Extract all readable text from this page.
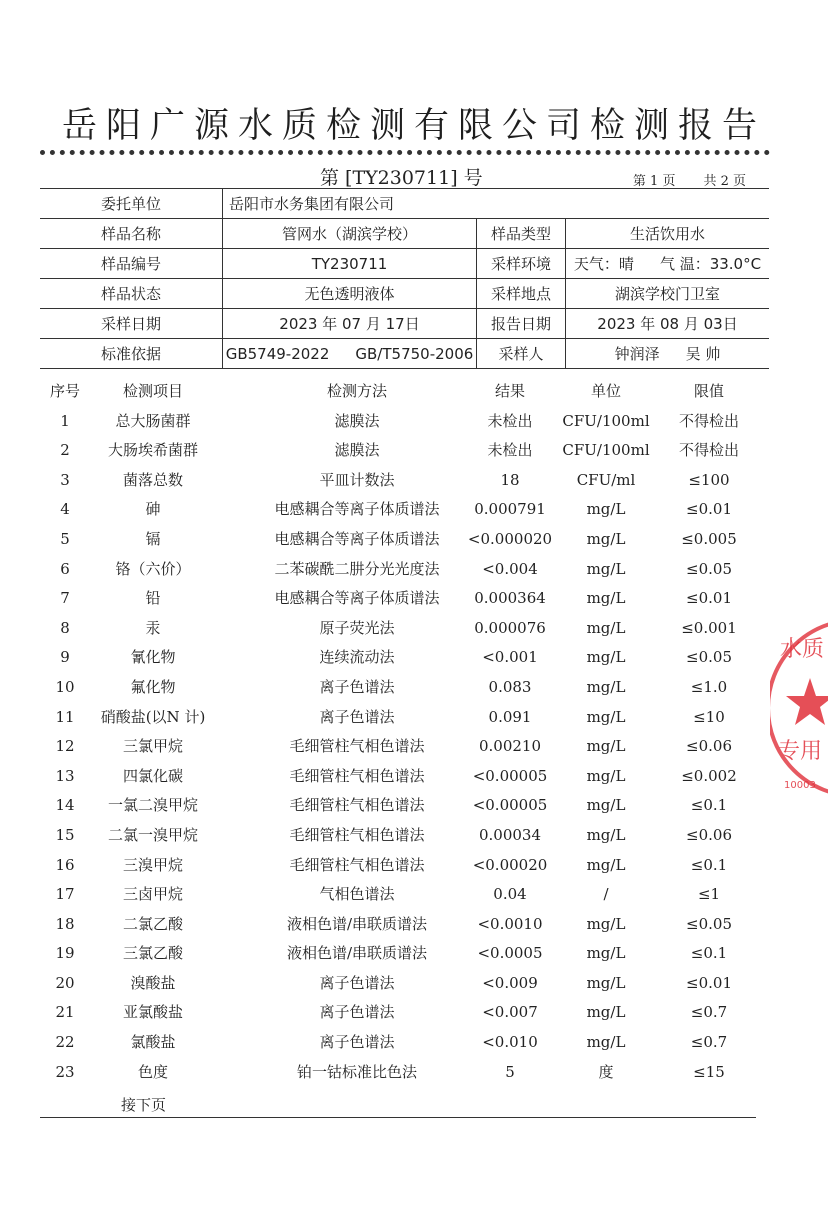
岳阳广源水质检测有限公司检测报告
第 [TY230711] 号	第 1 页 共 2 页
委托单位	岳阳市水务集团有限公司		
样品名称	管网水（湖滨学校）	样品类型	生活饮用水
样品编号	TY230711	采样环境	天气：晴 气 温：33.0°C
样品状态	无色透明液体	采样地点	湖滨学校门卫室
采样日期	2023 年 07 月 17日	报告日期	2023 年 08 月 03日
标准依据	GB5749-2022 GB/T5750-2006	采样人	钟润泽 吴 帅
序号	检测项目	检测方法	结果	单位	限值
1	总大肠菌群	滤膜法	未检出 CFU/100ml 不得检出
2	大肠埃希菌群	滤膜法	未检出 CFU/100ml 不得检出
3	菌落总数	平皿计数法	18	CFU/ml	≤100
4	砷	电感耦合等离子体质谱法 0.000791	mg/L	≤0.01
5	镉	电感耦合等离子体质谱法 <0.000020 mg/L	≤0.005
6	铬（六价）	二苯碳酰二肼分光光度法	<0.004	mg/L	≤0.05
7	铅	电感耦合等离子体质谱法 0.000364	mg/L	≤0.01
8	汞	原子荧光法	0.000076	mg/L	≤0.001
9	氰化物	连续流动法	<0.001	mg/L	≤0.05
10	氟化物	离子色谱法	0.083	mg/L	≤1.0
11 硝酸盐(以N 计)	离子色谱法	0.091	mg/L	≤10
12	三氯甲烷	毛细管柱气相色谱法	0.00210	mg/L	≤0.06
13	四氯化碳	毛细管柱气相色谱法	<0.00005	mg/L	≤0.002
14 一氯二溴甲烷	毛细管柱气相色谱法	<0.00005	mg/L	≤0.1
15 二氯一溴甲烷	毛细管柱气相色谱法	0.00034	mg/L	≤0.06
16	三溴甲烷	毛细管柱气相色谱法	<0.00020	mg/L	≤0.1
17	三卤甲烷	气相色谱法	0.04	/	≤1
18	二氯乙酸	液相色谱/串联质谱法	<0.0010	mg/L	≤0.05
19	三氯乙酸	液相色谱/串联质谱法	<0.0005	mg/L	≤0.1
20	溴酸盐	离子色谱法	<0.009	mg/L	≤0.01
21	亚氯酸盐	离子色谱法	<0.007	mg/L	≤0.7
22	氯酸盐	离子色谱法	<0.010	mg/L	≤0.7
23	色度	铂一钴标准比色法	5	度	≤15
接下页
水质
专用
10003
